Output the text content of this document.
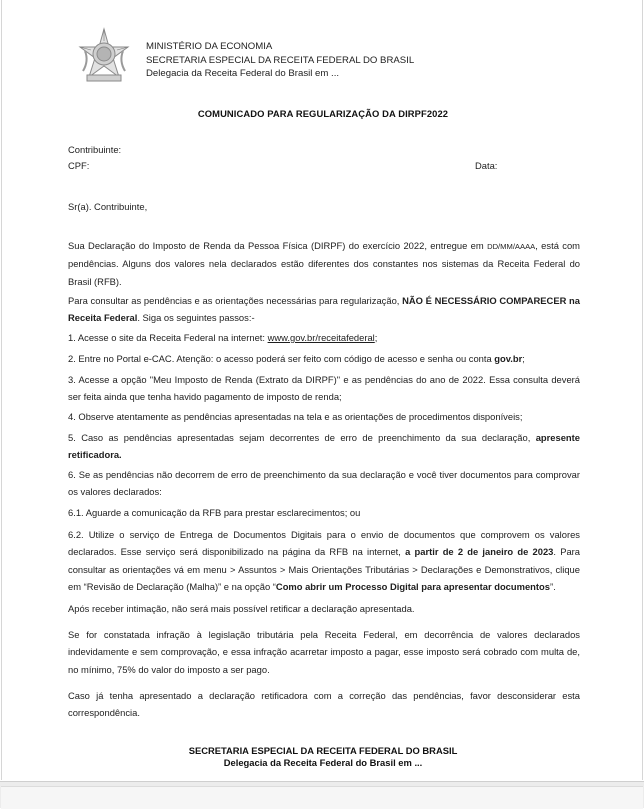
MINISTÉRIO DA ECONOMIA
SECRETARIA ESPECIAL DA RECEITA FEDERAL DO BRASIL
Delegacia da Receita Federal do Brasil em ...
COMUNICADO PARA REGULARIZAÇÃO DA DIRPF2022
Contribuinte:
CPF:	Data:
Sr(a). Contribuinte,

Sua Declaração do Imposto de Renda da Pessoa Física (DIRPF) do exercício 2022, entregue em DD/MM/AAAA, está com pendências. Alguns dos valores nela declarados estão diferentes dos constantes nos sistemas da Receita Federal do Brasil (RFB).

Para consultar as pendências e as orientações necessárias para regularização, NÃO É NECESSÁRIO COMPARECER na Receita Federal. Siga os seguintes passos:-

1. Acesse o site da Receita Federal na internet: www.gov.br/receitafederal;

2. Entre no Portal e-CAC. Atenção: o acesso poderá ser feito com código de acesso e senha ou conta gov.br;

3. Acesse a opção "Meu Imposto de Renda (Extrato da DIRPF)" e as pendências do ano de 2022. Essa consulta deverá ser feita ainda que tenha havido pagamento de imposto de renda;

4. Observe atentamente as pendências apresentadas na tela e as orientações de procedimentos disponíveis;

5. Caso as pendências apresentadas sejam decorrentes de erro de preenchimento da sua declaração, apresente retificadora.

6. Se as pendências não decorrem de erro de preenchimento da sua declaração e você tiver documentos para comprovar os valores declarados:

6.1. Aguarde a comunicação da RFB para prestar esclarecimentos; ou

6.2. Utilize o serviço de Entrega de Documentos Digitais para o envio de documentos que comprovem os valores declarados. Esse serviço será disponibilizado na página da RFB na internet, a partir de 2 de janeiro de 2023. Para consultar as orientações vá em menu > Assuntos > Mais Orientações Tributárias > Declarações e Demonstrativos, clique em “Revisão de Declaração (Malha)” e na opção “Como abrir um Processo Digital para apresentar documentos”.

Após receber intimação, não será mais possível retificar a declaração apresentada.

Se for constatada infração à legislação tributária pela Receita Federal, em decorrência de valores declarados indevidamente e sem comprovação, e essa infração acarretar imposto a pagar, esse imposto será cobrado com multa de, no mínimo, 75% do valor do imposto a ser pago.

Caso já tenha apresentado a declaração retificadora com a correção das pendências, favor desconsiderar esta correspondência.

SECRETARIA ESPECIAL DA RECEITA FEDERAL DO BRASIL
Delegacia da Receita Federal do Brasil em ...
